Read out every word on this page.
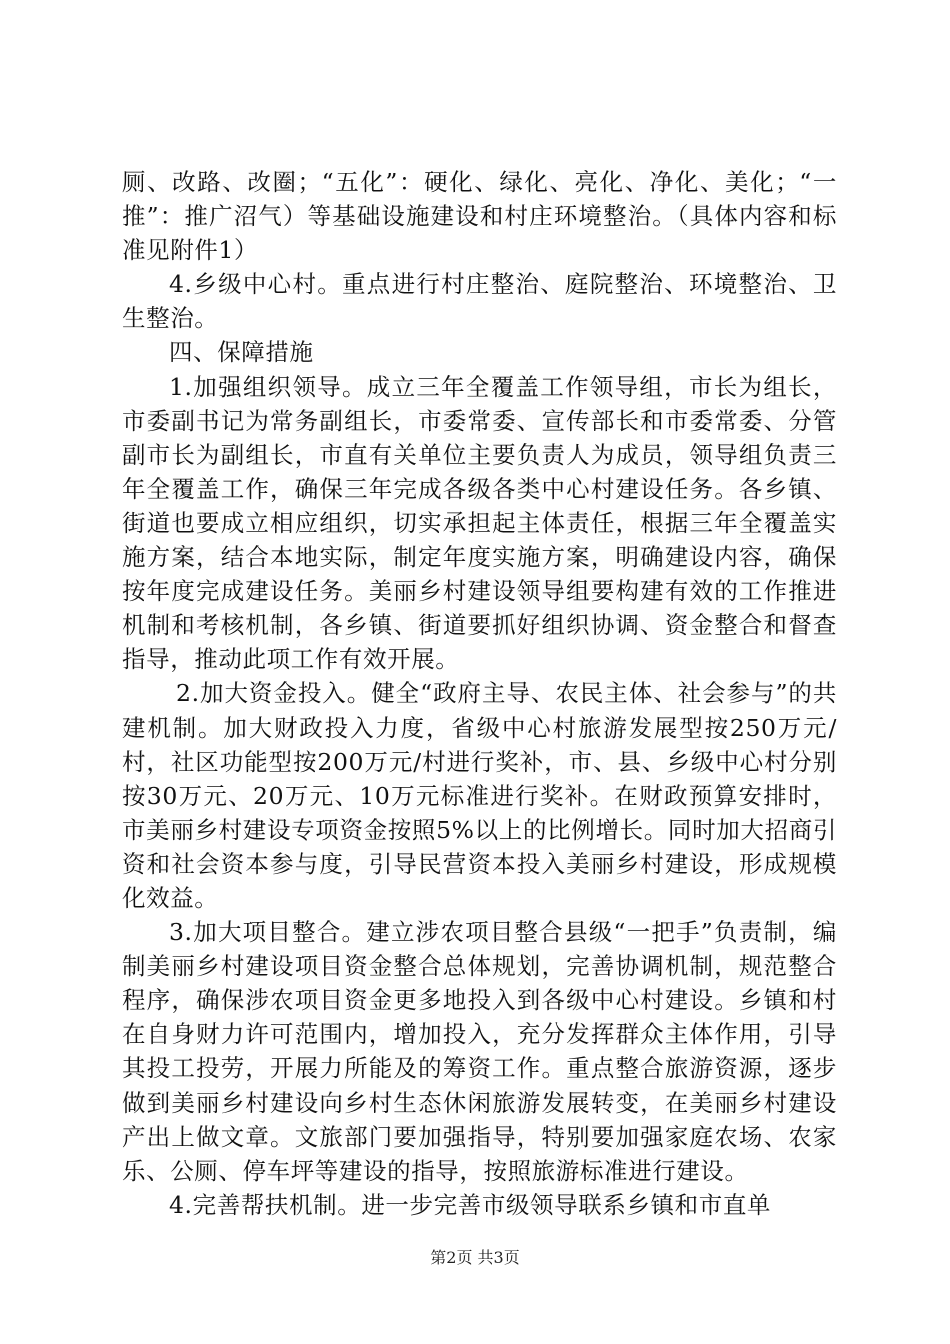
厕、改路、改圈；“五化”：硬化、绿化、亮化、净化、美化；“一推”：推广沼气）等基础设施建设和村庄环境整治。（具体内容和标准见附件1）

4.乡级中心村。重点进行村庄整治、庭院整治、环境整治、卫生整治。

四、保障措施

1.加强组织领导。成立三年全覆盖工作领导组，市长为组长，市委副书记为常务副组长，市委常委、宣传部长和市委常委、分管副市长为副组长，市直有关单位主要负责人为成员，领导组负责三年全覆盖工作，确保三年完成各级各类中心村建设任务。各乡镇、街道也要成立相应组织，切实承担起主体责任，根据三年全覆盖实施方案，结合本地实际，制定年度实施方案，明确建设内容，确保按年度完成建设任务。美丽乡村建设领导组要构建有效的工作推进机制和考核机制，各乡镇、街道要抓好组织协调、资金整合和督查指导，推动此项工作有效开展。

2.加大资金投入。健全“政府主导、农民主体、社会参与”的共建机制。加大财政投入力度，省级中心村旅游发展型按250万元/村，社区功能型按200万元/村进行奖补，市、县、乡级中心村分别按30万元、20万元、10万元标准进行奖补。在财政预算安排时，市美丽乡村建设专项资金按照5%以上的比例增长。同时加大招商引资和社会资本参与度，引导民营资本投入美丽乡村建设，形成规模化效益。

3.加大项目整合。建立涉农项目整合县级“一把手”负责制，编制美丽乡村建设项目资金整合总体规划，完善协调机制，规范整合程序，确保涉农项目资金更多地投入到各级中心村建设。乡镇和村在自身财力许可范围内，增加投入，充分发挥群众主体作用，引导其投工投劳，开展力所能及的筹资工作。重点整合旅游资源，逐步做到美丽乡村建设向乡村生态休闲旅游发展转变，在美丽乡村建设产出上做文章。文旅部门要加强指导，特别要加强家庭农场、农家乐、公厕、停车坪等建设的指导，按照旅游标准进行建设。

4.完善帮扶机制。进一步完善市级领导联系乡镇和市直单

第2页 共3页
